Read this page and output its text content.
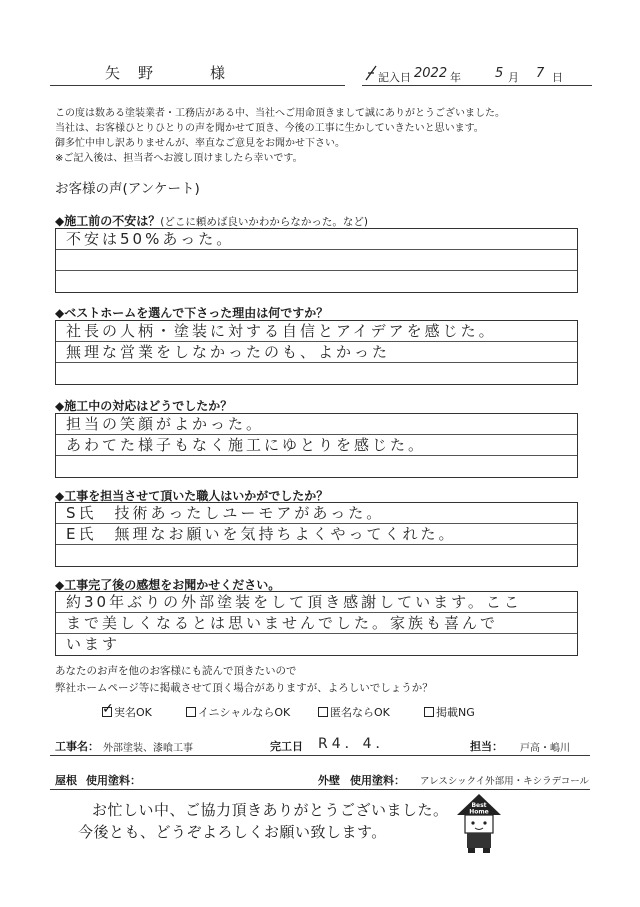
矢野	様	記入日 2022 年	5 月 7 日
この度は数ある塗装業者・工務店がある中、当社へご用命頂きまして誠にありがとうございました。
当社は、お客様ひとりひとりの声を聞かせて頂き、今後の工事に生かしていきたいと思います。
御多忙中申し訳ありませんが、率直なご意見をお聞かせ下さい。
※ご記入後は、担当者へお渡し頂けましたら幸いです。
お客様の声(アンケート)
◆施工前の不安は？(どこに頼めば良いかわからなかった。など)
不安は50%あった。
◆ベストホームを選んで下さった理由は何ですか？
社長の人柄・塗装に対する自信とアイデアを感じた。
無理な営業をしなかったのも、よかった
◆施工中の対応はどうでしたか？
担当の笑顔がよかった。
あわてた様子もなく施工にゆとりを感じた。
◆工事を担当させて頂いた職人はいかがでしたか？
S氏　技術あったしユーモアがあった。
E氏　無理なお願いを気持ちよくやってくれた。
◆工事完了後の感想をお聞かせください。
約30年ぶりの外部塗装をして頂き感謝しています。ここ
まで美しくなるとは思いませんでした。家族も喜んで
います
あなたのお声を他のお客様にも読んで頂きたいので
弊社ホームページ等に掲載させて頂く場合がありますが、よろしいでしょうか？
✓実名OK	イニシャルならOK	匿名ならOK	掲載NG
工事名： 外部塗装、漆喰工事	完工日 R4．4．	担当： 戸高・嶋川
屋根 使用塗料：	外壁 使用塗料： アレスシックイ外部用・キシラデコール
お忙しい中、ご協力頂きありがとうございました。
今後とも、どうぞよろしくお願い致します。
Best
Home
